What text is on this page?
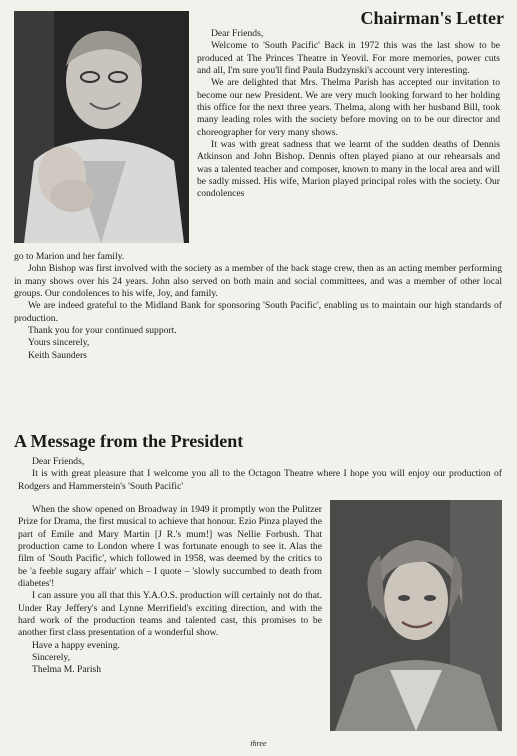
Chairman's Letter

Dear Friends,

Welcome to 'South Pacific' Back in 1972 this was the last show to be produced at The Princes Theatre in Yeovil. For more memories, power cuts and all, I'm sure you'll find Paula Budzynski's account very interesting.

We are delighted that Mrs. Thelma Parish has accepted our invitation to become our new President. We are very much looking forward to her holding this office for the next three years. Thelma, along with her husband Bill, took many leading roles with the society before moving on to be our director and choreographer for very many shows.

It was with great sadness that we learnt of the sudden deaths of Dennis Atkinson and John Bishop. Dennis often played piano at our rehearsals and was a talented teacher and composer, known to many in the local area and will be sadly missed. His wife, Marion played principal roles with the society. Our condolences

go to Marion and her family.

John Bishop was first involved with the society as a member of the back stage crew, then as an acting member performing in many shows over his 24 years. John also served on both main and social committees, and was a member of other local groups. Our condolences to his wife, Joy, and family.

We are indeed grateful to the Midland Bank for sponsoring 'South Pacific', enabling us to maintain our high standards of production.

Thank you for your continued support.

Yours sincerely,

Keith Saunders

A Message from the President

Dear Friends,

It is with great pleasure that I welcome you all to the Octagon Theatre where I hope you will enjoy our production of Rodgers and Hammerstein's 'South Pacific'

When the show opened on Broadway in 1949 it promptly won the Pulitzer Prize for Drama, the first musical to achieve that honour. Ezio Pinza played the part of Emile and Mary Martin [J R.'s mum!] was Nellie Forbush. That production came to London where I was fortunate enough to see it. Alas the film of 'South Pacific', which followed in 1958, was deemed by the critics to be 'a feeble sugary affair' which – I quote – 'slowly succumbed to death from diabetes'!

I can assure you all that this Y.A.O.S. production will certainly not do that. Under Ray Jeffery's and Lynne Merrifield's exciting direction, and with the hard work of the production teams and talented cast, this promises to be another first class presentation of a wonderful show.

Have a happy evening.

Sincerely,

Thelma M. Parish

three
